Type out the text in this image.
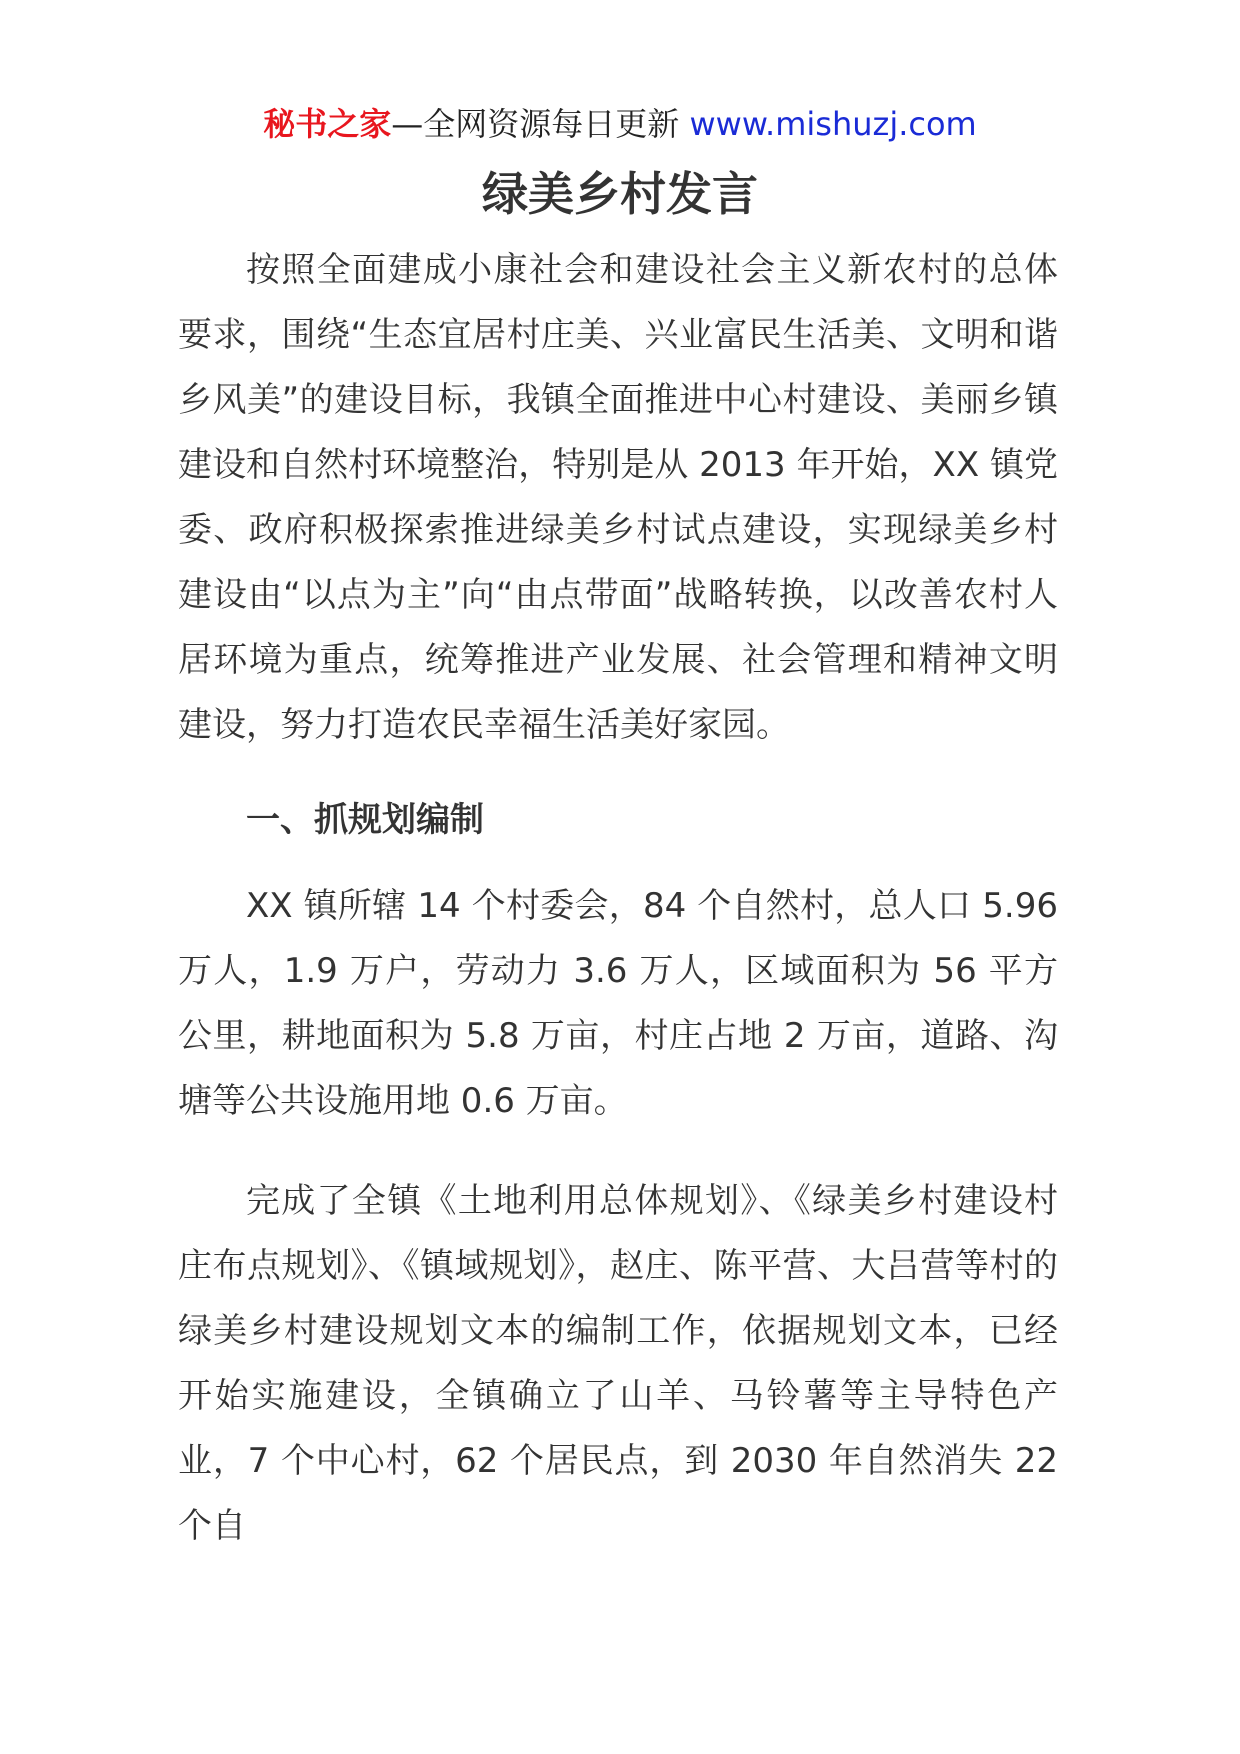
秘书之家—全网资源每日更新 www.mishuzj.com
绿美乡村发言

按照全面建成小康社会和建设社会主义新农村的总体要求，围绕“生态宜居村庄美、兴业富民生活美、文明和谐乡风美”的建设目标，我镇全面推进中心村建设、美丽乡镇建设和自然村环境整治，特别是从 2013 年开始，XX 镇党委、政府积极探索推进绿美乡村试点建设，实现绿美乡村建设由“以点为主”向“由点带面”战略转换，以改善农村人居环境为重点，统筹推进产业发展、社会管理和精神文明建设，努力打造农民幸福生活美好家园。

一、抓规划编制

XX 镇所辖 14 个村委会，84 个自然村，总人口 5.96 万人，1.9 万户，劳动力 3.6 万人，区域面积为 56 平方公里，耕地面积为 5.8 万亩，村庄占地 2 万亩，道路、沟塘等公共设施用地 0.6 万亩。

完成了全镇《土地利用总体规划》、《绿美乡村建设村庄布点规划》、《镇域规划》，赵庄、陈平营、大吕营等村的绿美乡村建设规划文本的编制工作，依据规划文本，已经开始实施建设，全镇确立了山羊、马铃薯等主导特色产业，7 个中心村，62 个居民点，到 2030 年自然消失 22 个自
